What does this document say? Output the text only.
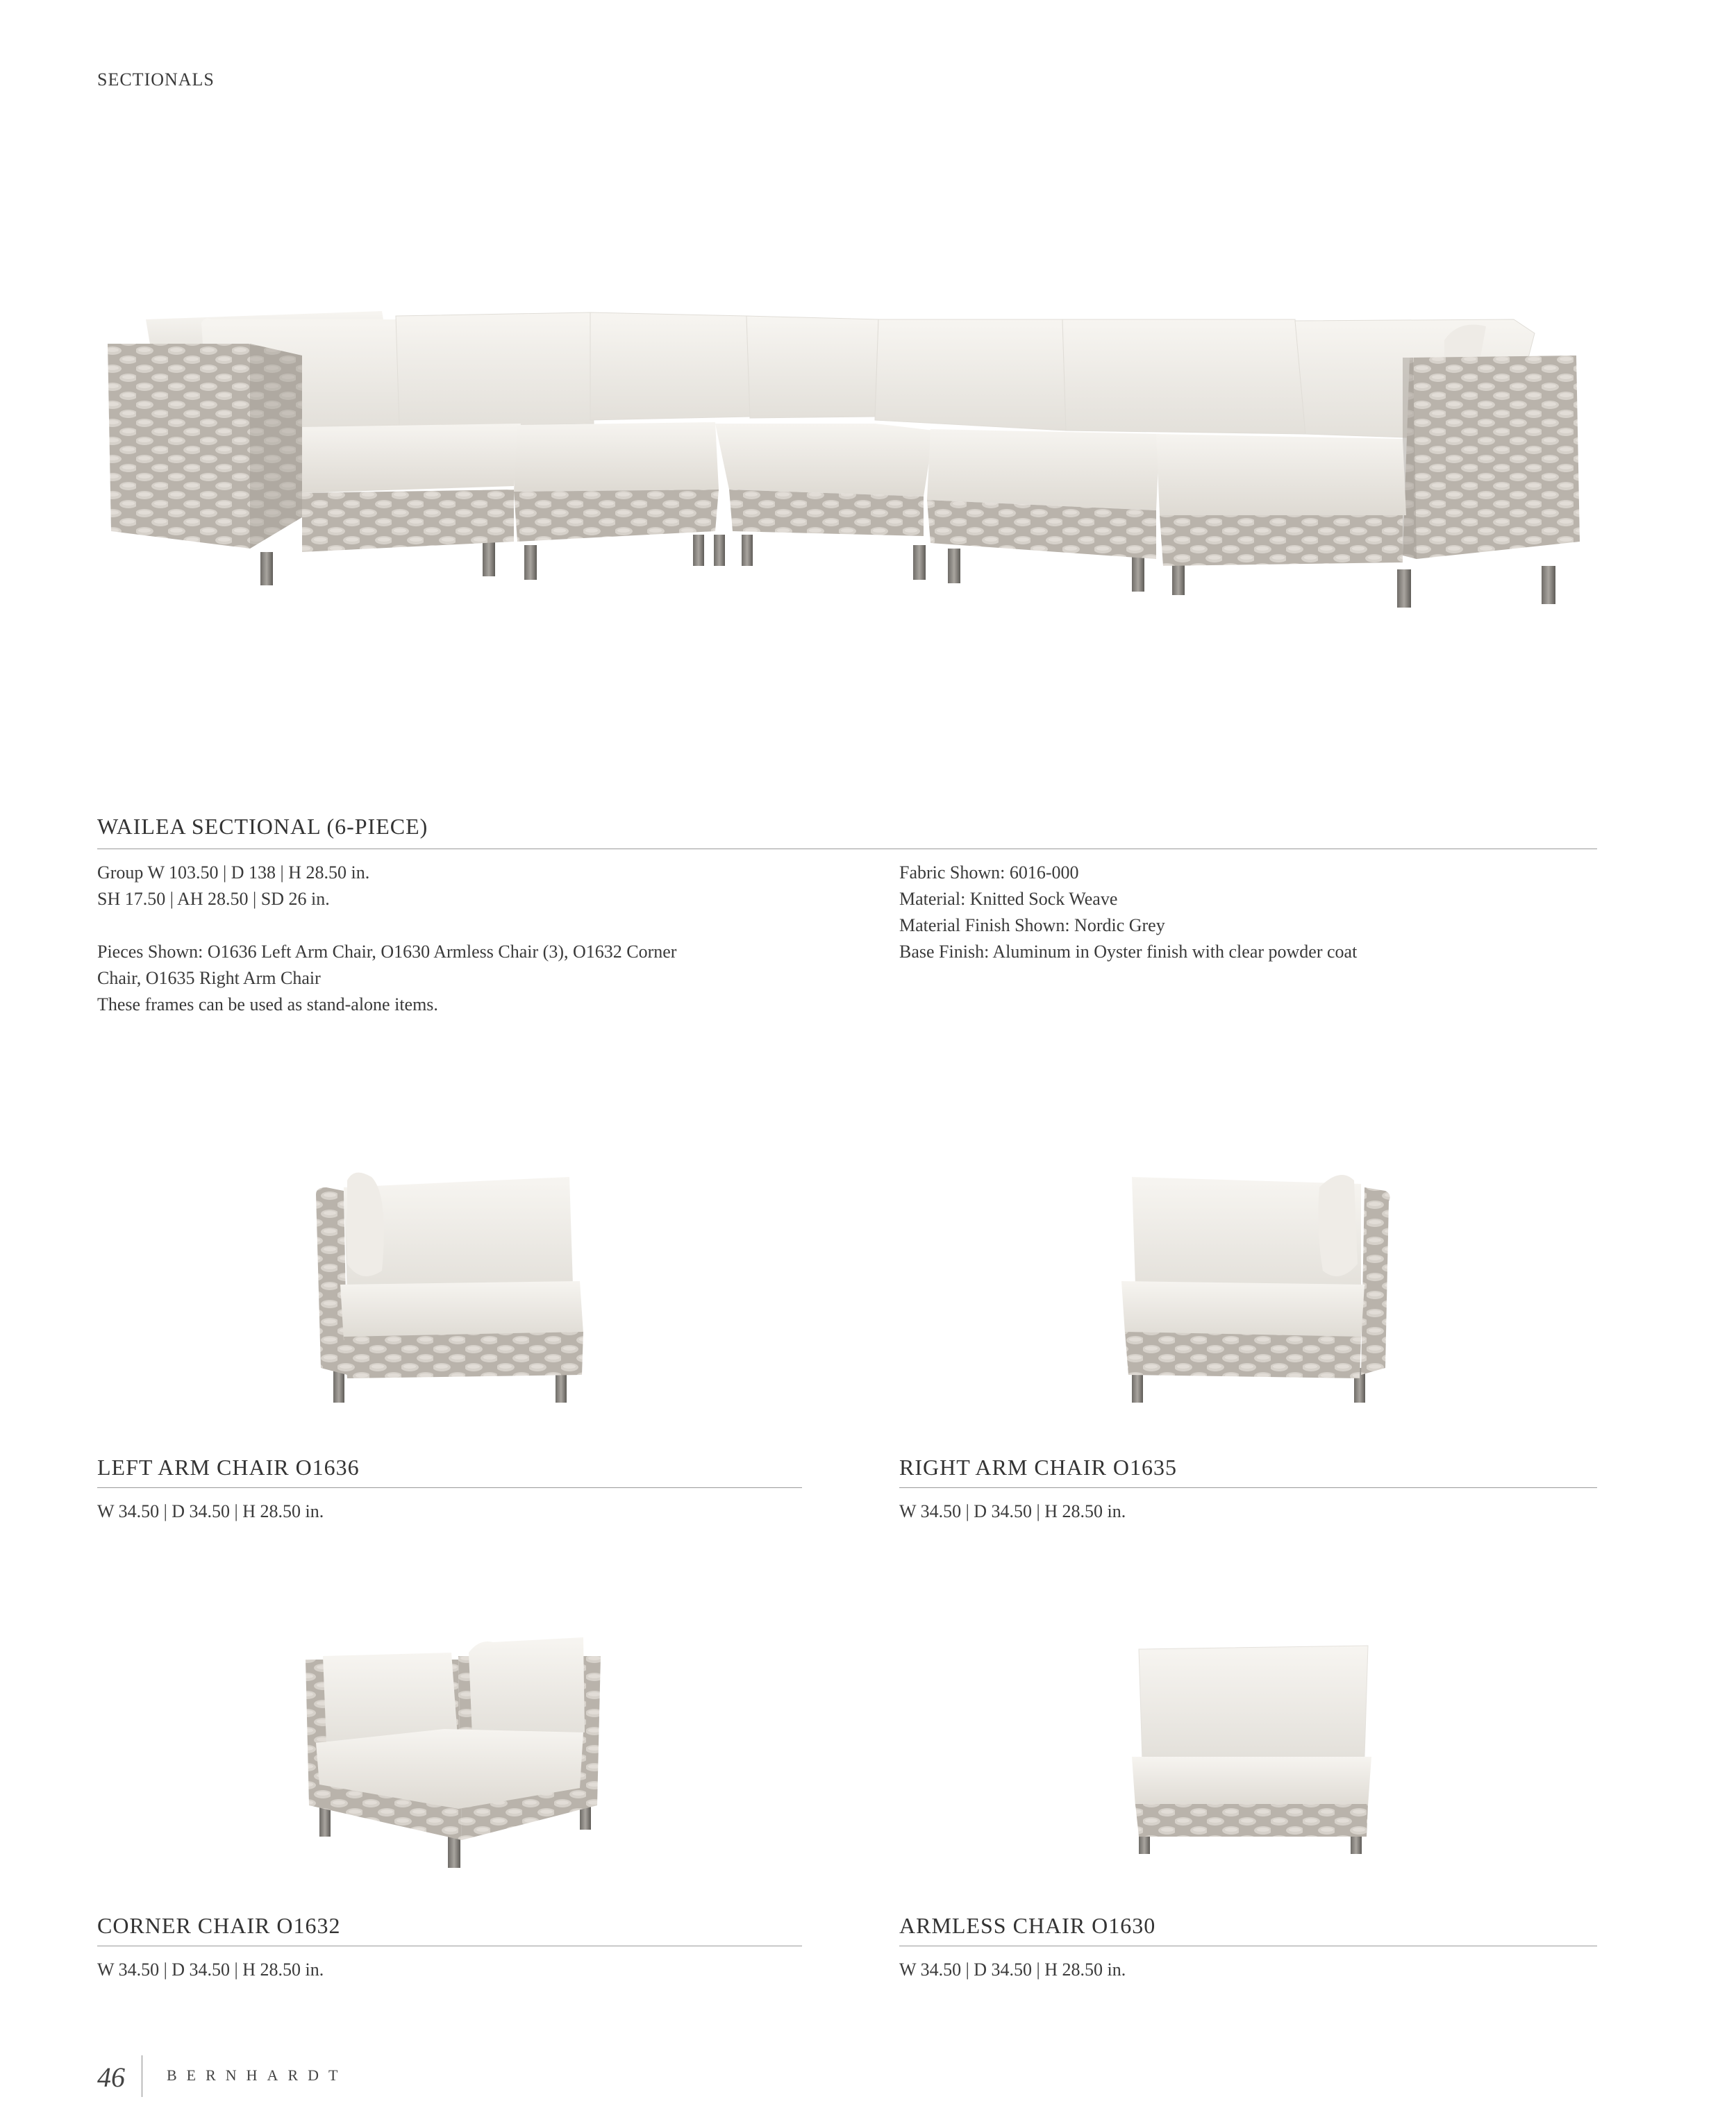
SECTIONALS
WAILEA SECTIONAL (6-PIECE)
Group W 103.50 | D 138 | H 28.50 in.
SH 17.50 | AH 28.50 | SD 26 in.
Pieces Shown: O1636 Left Arm Chair, O1630 Armless Chair (3), O1632 Corner
Chair, O1635 Right Arm Chair
These frames can be used as stand-alone items.
Fabric Shown: 6016-000
Material: Knitted Sock Weave
Material Finish Shown: Nordic Grey
Base Finish: Aluminum in Oyster finish with clear powder coat
LEFT ARM CHAIR O1636
W 34.50 | D 34.50 | H 28.50 in.
RIGHT ARM CHAIR O1635
W 34.50 | D 34.50 | H 28.50 in.
CORNER CHAIR O1632
W 34.50 | D 34.50 | H 28.50 in.
ARMLESS CHAIR O1630
W 34.50 | D 34.50 | H 28.50 in.
46	BERNHARDT
